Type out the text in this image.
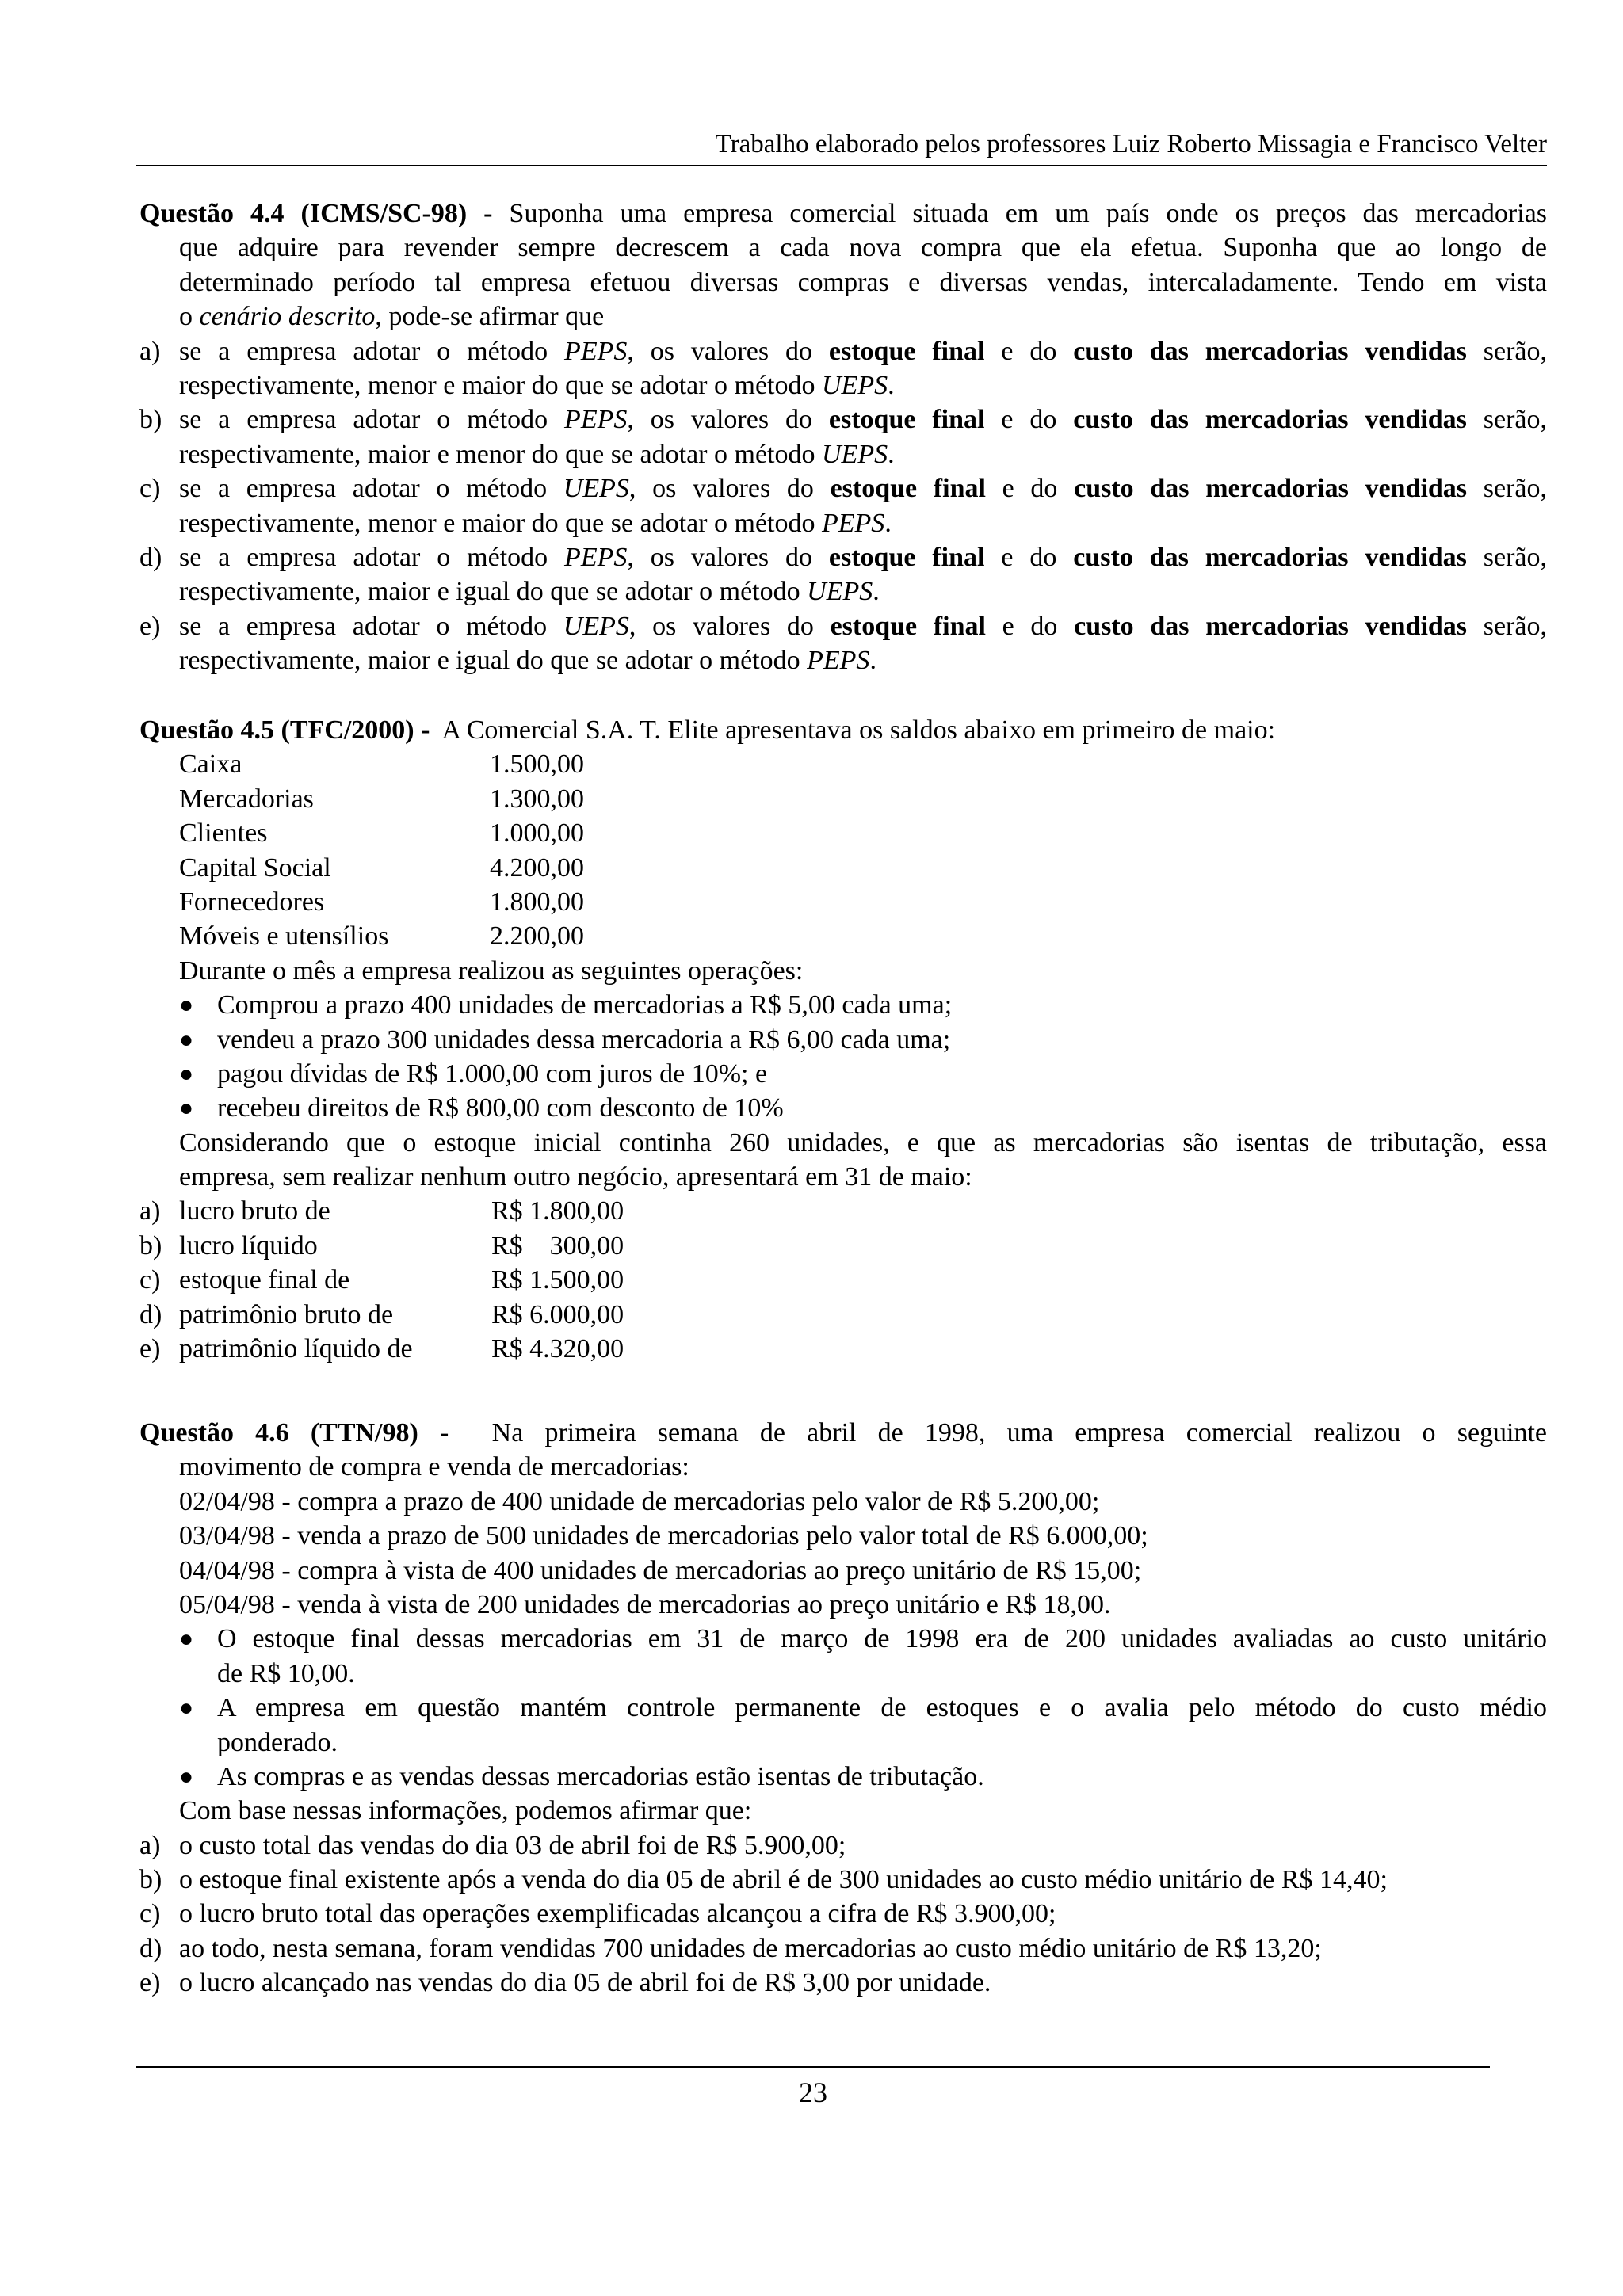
Trabalho elaborado pelos professores Luiz Roberto Missagia e Francisco Velter
Questão 4.4 (ICMS/SC-98) - Suponha uma empresa comercial situada em um país onde os preços das mercadorias
que adquire para revender sempre decrescem a cada nova compra que ela efetua. Suponha que ao longo de
determinado período tal empresa efetuou diversas compras e diversas vendas, intercaladamente. Tendo em vista
o cenário descrito, pode-se afirmar que
a) se a empresa adotar o método PEPS, os valores do estoque final e do custo das mercadorias vendidas serão,
respectivamente, menor e maior do que se adotar o método UEPS.
b) se a empresa adotar o método PEPS, os valores do estoque final e do custo das mercadorias vendidas serão,
respectivamente, maior e menor do que se adotar o método UEPS.
c) se a empresa adotar o método UEPS, os valores do estoque final e do custo das mercadorias vendidas serão,
respectivamente, menor e maior do que se adotar o método PEPS.
d) se a empresa adotar o método PEPS, os valores do estoque final e do custo das mercadorias vendidas serão,
respectivamente, maior e igual do que se adotar o método UEPS.
e) se a empresa adotar o método UEPS, os valores do estoque final e do custo das mercadorias vendidas serão,
respectivamente, maior e igual do que se adotar o método PEPS.
Questão 4.5 (TFC/2000) - A Comercial S.A. T. Elite apresentava os saldos abaixo em primeiro de maio:
Caixa	1.500,00
Mercadorias	1.300,00
Clientes	1.000,00
Capital Social	4.200,00
Fornecedores	1.800,00
Móveis e utensílios	2.200,00
Durante o mês a empresa realizou as seguintes operações:
● Comprou a prazo 400 unidades de mercadorias a R$ 5,00 cada uma;
● vendeu a prazo 300 unidades dessa mercadoria a R$ 6,00 cada uma;
● pagou dívidas de R$ 1.000,00 com juros de 10%; e
● recebeu direitos de R$ 800,00 com desconto de 10%
Considerando que o estoque inicial continha 260 unidades, e que as mercadorias são isentas de tributação, essa
empresa, sem realizar nenhum outro negócio, apresentará em 31 de maio:
a) lucro bruto de	R$ 1.800,00
b) lucro líquido	R$    300,00
c) estoque final de	R$ 1.500,00
d) patrimônio bruto de	R$ 6.000,00
e) patrimônio líquido de	R$ 4.320,00
Questão 4.6 (TTN/98) - Na primeira semana de abril de 1998, uma empresa comercial realizou o seguinte
movimento de compra e venda de mercadorias:
02/04/98 - compra a prazo de 400 unidade de mercadorias pelo valor de R$ 5.200,00;
03/04/98 - venda a prazo de 500 unidades de mercadorias pelo valor total de R$ 6.000,00;
04/04/98 - compra à vista de 400 unidades de mercadorias ao preço unitário de R$ 15,00;
05/04/98 - venda à vista de 200 unidades de mercadorias ao preço unitário e R$ 18,00.
● O estoque final dessas mercadorias em 31 de março de 1998 era de 200 unidades avaliadas ao custo unitário
de R$ 10,00.
● A empresa em questão mantém controle permanente de estoques e o avalia pelo método do custo médio
ponderado.
● As compras e as vendas dessas mercadorias estão isentas de tributação.
Com base nessas informações, podemos afirmar que:
a) o custo total das vendas do dia 03 de abril foi de R$ 5.900,00;
b) o estoque final existente após a venda do dia 05 de abril é de 300 unidades ao custo médio unitário de R$ 14,40;
c) o lucro bruto total das operações exemplificadas alcançou a cifra de R$ 3.900,00;
d) ao todo, nesta semana, foram vendidas 700 unidades de mercadorias ao custo médio unitário de R$ 13,20;
e) o lucro alcançado nas vendas do dia 05 de abril foi de R$ 3,00 por unidade.
23
